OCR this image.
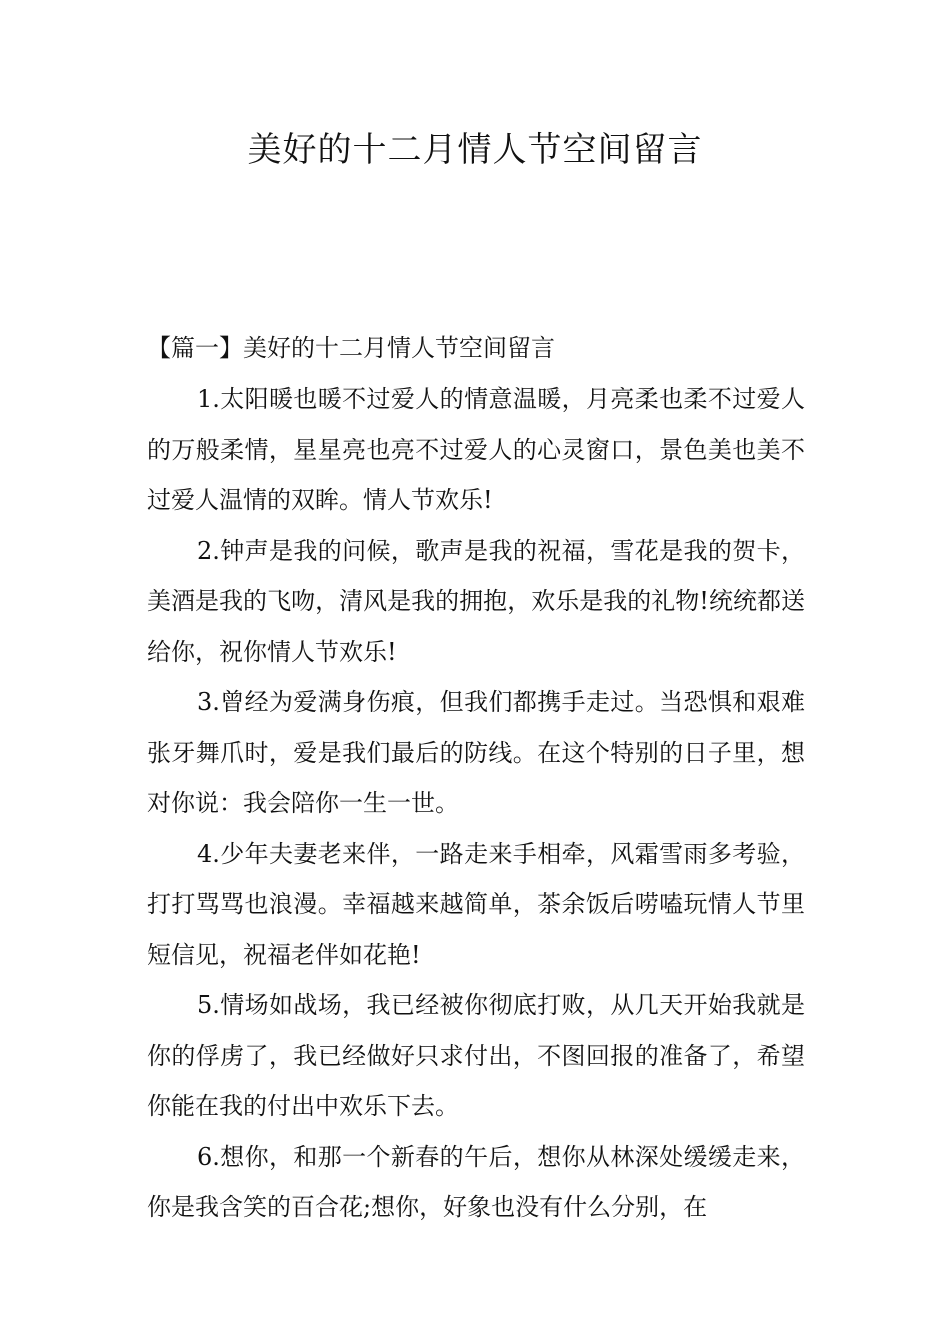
美好的十二月情人节空间留言
【篇一】美好的十二月情人节空间留言

1.太阳暖也暖不过爱人的情意温暖，月亮柔也柔不过爱人的万般柔情，星星亮也亮不过爱人的心灵窗口，景色美也美不过爱人温情的双眸。情人节欢乐!

2.钟声是我的问候，歌声是我的祝福，雪花是我的贺卡，美酒是我的飞吻，清风是我的拥抱，欢乐是我的礼物!统统都送给你，祝你情人节欢乐!

3.曾经为爱满身伤痕，但我们都携手走过。当恐惧和艰难张牙舞爪时，爱是我们最后的防线。在这个特别的日子里，想对你说：我会陪你一生一世。

4.少年夫妻老来伴，一路走来手相牵，风霜雪雨多考验，打打骂骂也浪漫。幸福越来越简单，茶余饭后唠嗑玩情人节里短信见，祝福老伴如花艳!

5.情场如战场，我已经被你彻底打败，从几天开始我就是你的俘虏了，我已经做好只求付出，不图回报的准备了，希望你能在我的付出中欢乐下去。

6.想你，和那一个新春的午后，想你从林深处缓缓走来，你是我含笑的百合花;想你，好象也没有什么分别，在
